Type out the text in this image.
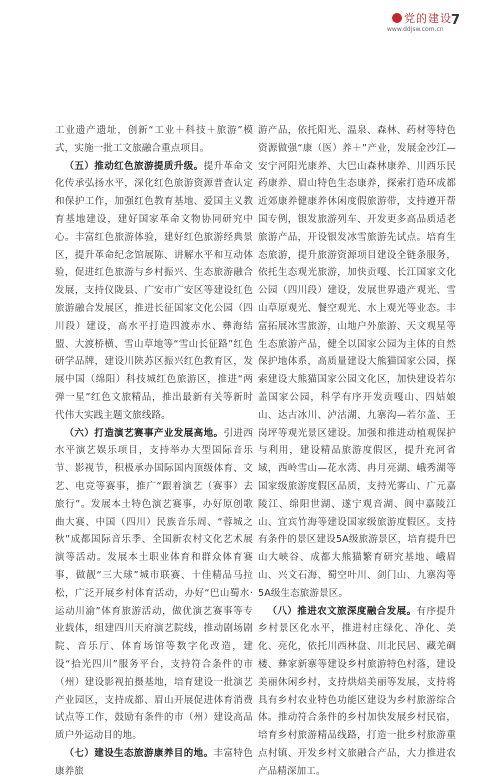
党的建设
www.ddjsw.com.cn
7

工业遗产遗址，创新“工业＋科技＋旅游”模式，实施一批工文旅融合重点项目。

（五）推动红色旅游提质升级。提升革命文化传承弘扬水平，深化红色旅游资源普查认定和保护工作，加强红色教育基地、爱国主义教育基地建设，建好国家革命文物协同研究中心。丰富红色旅游体验，建好红色旅游经典景区，提升革命纪念馆展陈、讲解水平和互动体验，促进红色旅游与乡村振兴、生态旅游融合发展，支持仪陇县、广安市广安区等建设红色旅游融合发展区，推进长征国家文化公园（四川段）建设，高水平打造四渡赤水、彝海结盟、大渡桥横、雪山草地等“雪山长征路”红色研学品牌，建设川陕苏区振兴红色教育区，发展中国（绵阳）科技城红色旅游区，推进“两弹一星”红色文旅精品，推出最新有关等新时代伟大实践主题文旅线路。

（六）打造演艺赛事产业发展高地。引进西水平演艺娱乐项目，支持举办大型国际音乐节、影视节，积极承办国际国内顶级体育、文艺、电竞等赛事，推广“跟着演艺（赛事）去旅行”。发展本土特色演艺赛事，办好原创歌曲大赛、中国（四川）民族音乐周、“蓉城之秋”成都国际音乐季、全国新农村文化艺术展演等活动。发展本土职业体育和群众体育赛事，做靓“三大球”城市联赛、十佳精品马拉松，广泛开展乡村体育活动，办好“巴山蜀水·运动川渝”体育旅游活动，做优演艺赛事等专业载体，组建四川天府演艺院线，推动剧场剧院、音乐厅、体育场馆等数字化改造，建设“拾光四川”服务平台，支持符合条件的市（州）建设影视拍摄基地，培育建设一批演艺产业园区，支持成都、眉山开展促进体育消费试点等工作，鼓励有条件的市（州）建设高品质户外运动目的地。

（七）建设生态旅游康养目的地。丰富特色康养旅

游产品，依托阳光、温泉、森林、药材等特色资源做强“康（医）养＋”产业，发展金沙江—安宁河阳光康养、大巴山森林康养、川西乐民药康养、眉山特色生态康养，探索打造环成都近郊康养健康养休闲度假旅游带，支持遵开帮国专例，银发旅游列车、开发更多高品质适老旅游产品，开设银发冰雪旅游先试点。培育生态旅游，提升旅游资源项目建设全链条服务，依托生态观光旅游，加快贡嘎、长江国家文化公园（四川段）建设，发展世界遗产观光、雪山草原观光、餐空观光、水上观光等业态。丰富拓展冰雪旅游，山地户外旅游、天文观星等生态旅游产品，健全以国家公园为主体的自然保护地体系，高质量建设大熊猫国家公园，探索建设大熊猫国家公园文化区，加快建设若尔盖国家公园，科学有序开发贡嘎山、四姑娘山、达古冰川、泸沽湖、九寨沟—若尔盖、王岗坪等观光景区建设。加强和推进动植观保护与利用，建设精品旅游度假区，提升充河省域，西岭雪山—花水湾、冉月亮湖、峨秀湖等国家级旅游度假区品质，支持光雾山、广元嘉陵江、绵阳世湖、遂宁观音湖、阆中嘉陵江山、宜宾竹海等建设国家级旅游度假区。支持有条件的景区建设5A级旅游景区，培育提升巴山大峡谷、成都大熊猫繁育研究基地、峨眉山、兴文石海、蜀空叶川、剑门山、九寨沟等5A级生态旅游景区。

（八）推进农文旅深度融合发展。有序提升乡村景区化水平，推进村庄绿化、净化、美化、亮化，依托川西林盘、川北民居、藏羌碉楼、彝家新寨等建设乡村旅游特色村落，建设美丽休闲乡村，支持烘焙美丽等发展，支持将具有乡村农业特色功能区建设为乡村旅游综合体。推动符合条件的乡村加快发展乡村民宿，培育乡村旅游精品线路，打造一批乡村旅游重点村镇、开发乡村文旅融合产品，大力推进农产品精深加工。
